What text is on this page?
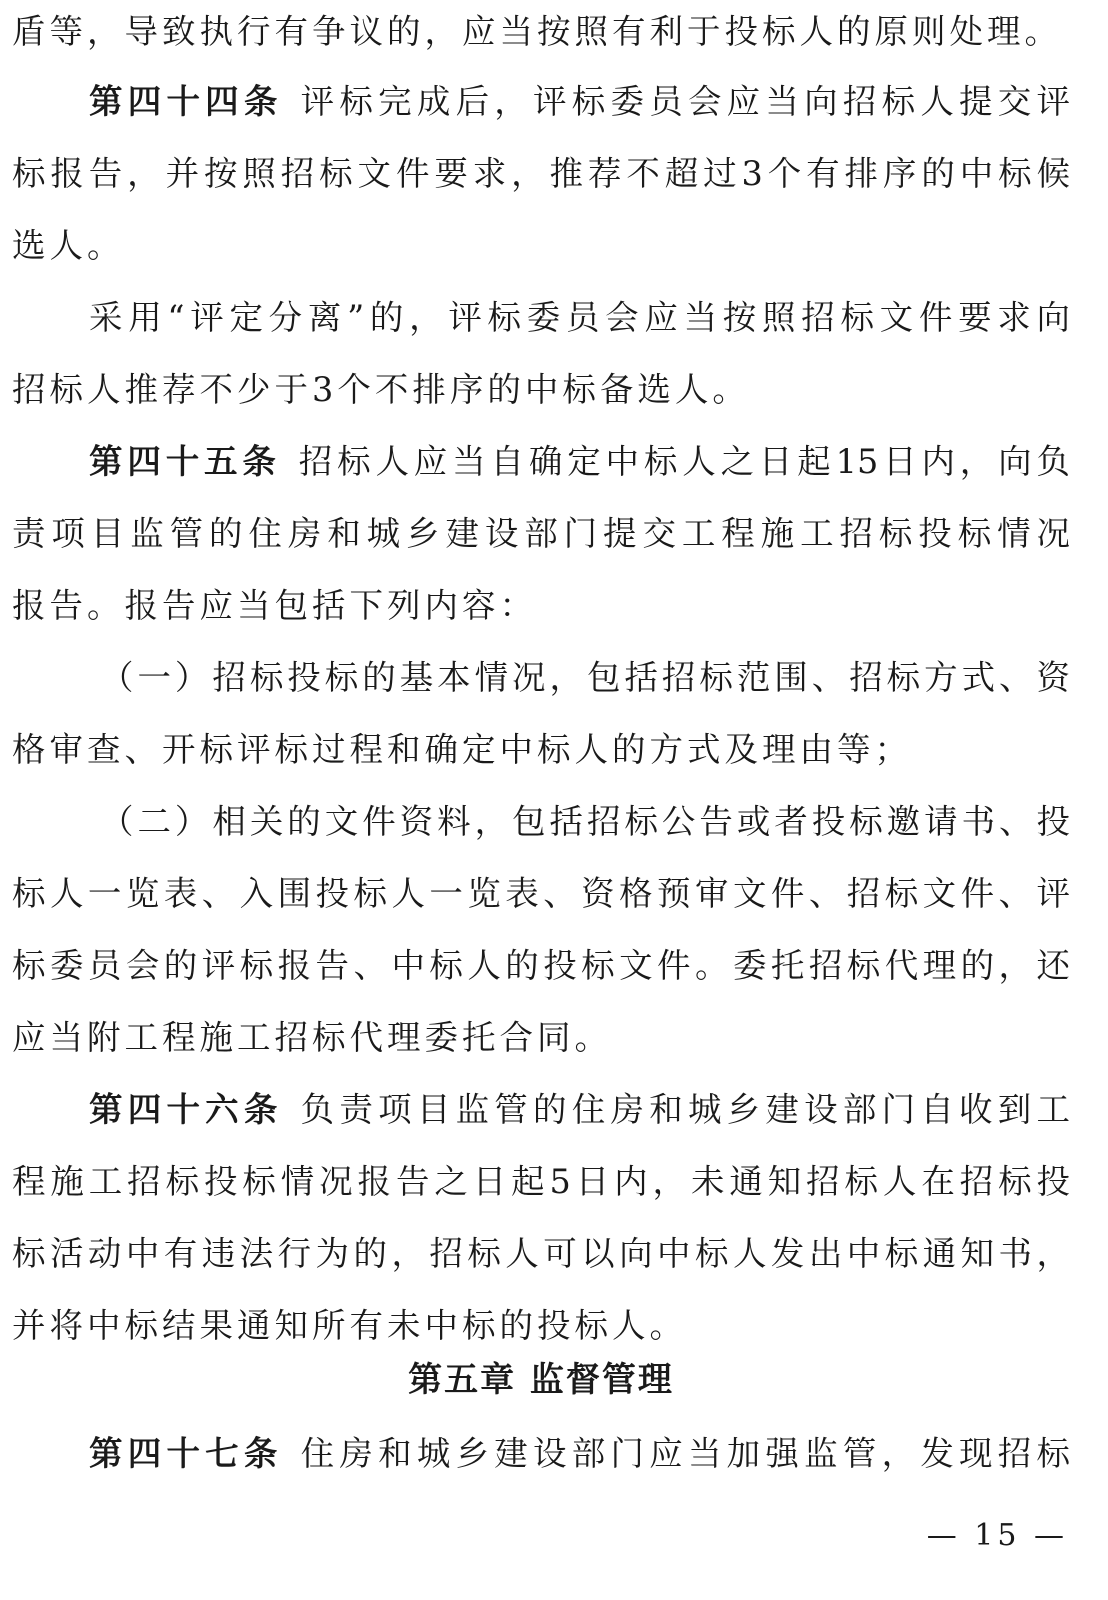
盾等，导致执行有争议的，应当按照有利于投标人的原则处理。
第四十四条 评标完成后，评标委员会应当向招标人提交评
标报告，并按照招标文件要求，推荐不超过3个有排序的中标候
选人。
采用“评定分离”的，评标委员会应当按照招标文件要求向
招标人推荐不少于3个不排序的中标备选人。
第四十五条 招标人应当自确定中标人之日起15日内，向负
责项目监管的住房和城乡建设部门提交工程施工招标投标情况
报告。报告应当包括下列内容：
（一）招标投标的基本情况，包括招标范围、招标方式、资
格审查、开标评标过程和确定中标人的方式及理由等；
（二）相关的文件资料，包括招标公告或者投标邀请书、投
标人一览表、入围投标人一览表、资格预审文件、招标文件、评
标委员会的评标报告、中标人的投标文件。委托招标代理的，还
应当附工程施工招标代理委托合同。
第四十六条 负责项目监管的住房和城乡建设部门自收到工
程施工招标投标情况报告之日起5日内，未通知招标人在招标投
标活动中有违法行为的，招标人可以向中标人发出中标通知书，
并将中标结果通知所有未中标的投标人。
第五章 监督管理
第四十七条 住房和城乡建设部门应当加强监管，发现招标
— 15 —
